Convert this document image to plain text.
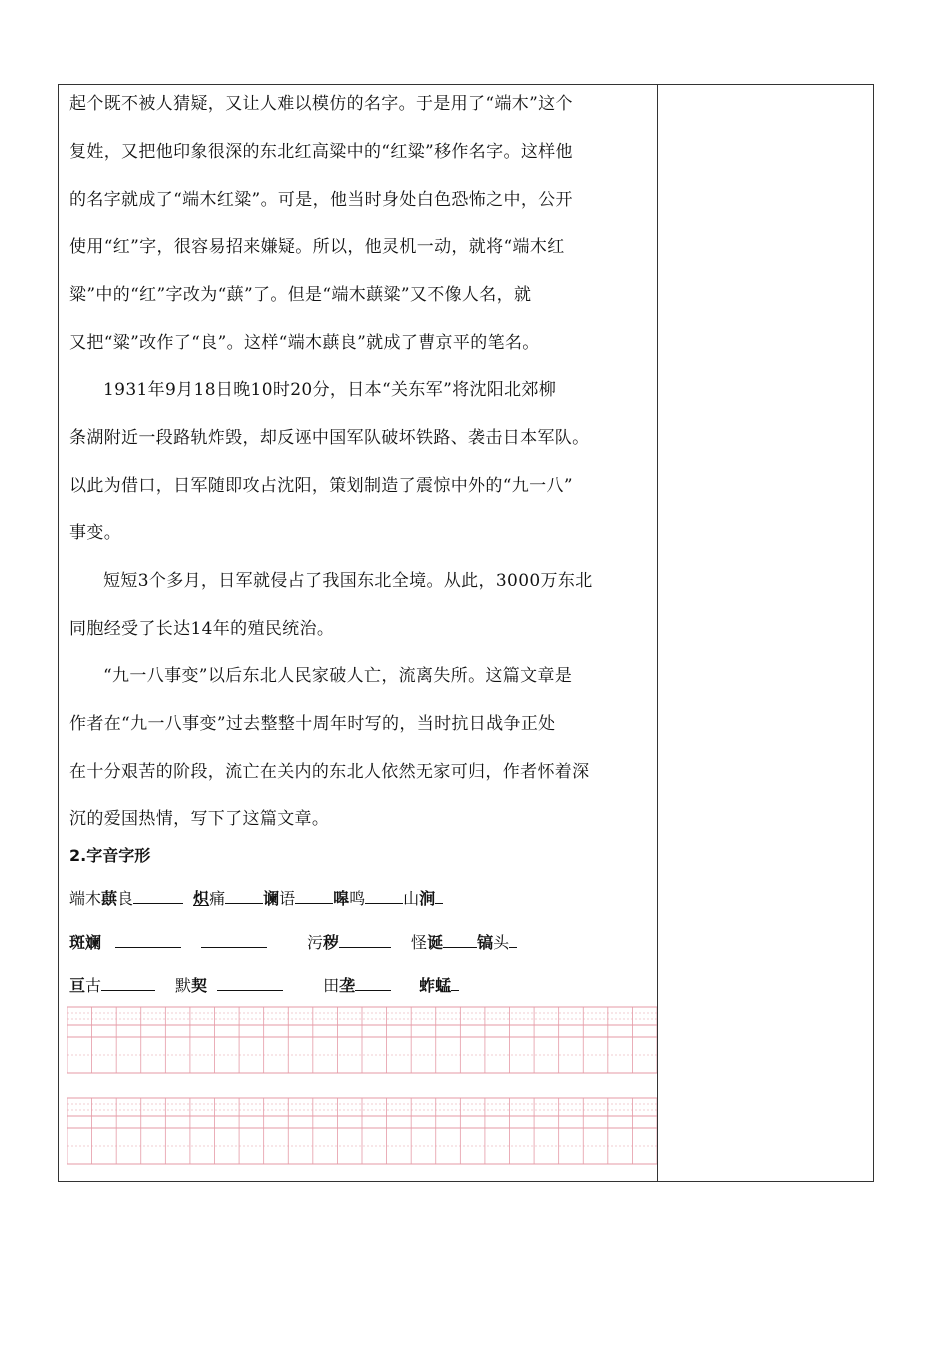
起个既不被人猜疑，又让人难以模仿的名字。于是用了“端木”这个
复姓，又把他印象很深的东北红高粱中的“红粱”移作名字。这样他
的名字就成了“端木红粱”。可是，他当时身处白色恐怖之中，公开
使用“红”字，很容易招来嫌疑。所以，他灵机一动，就将“端木红
粱”中的“红”字改为“蕻”了。但是“端木蕻粱”又不像人名，就
又把“粱”改作了“良”。这样“端木蕻良”就成了曹京平的笔名。
1931年9月18日晚10时20分，日本“关东军”将沈阳北郊柳
条湖附近一段路轨炸毁，却反诬中国军队破坏铁路、袭击日本军队。
以此为借口，日军随即攻占沈阳，策划制造了震惊中外的“九一八”
事变。
短短3个多月，日军就侵占了我国东北全境。从此，3000万东北
同胞经受了长达14年的殖民统治。
“九一八事变”以后东北人民家破人亡，流离失所。这篇文章是
作者在“九一八事变”过去整整十周年时写的，当时抗日战争正处
在十分艰苦的阶段，流亡在关内的东北人依然无家可归，作者怀着深
沉的爱国热情，写下了这篇文章。
2.字音字形
端木蕻良	炽痛 谰语 嗥鸣 山涧
斑斓	污秽	怪诞 镐头
亘古	默契	田垄	蚱蜢
